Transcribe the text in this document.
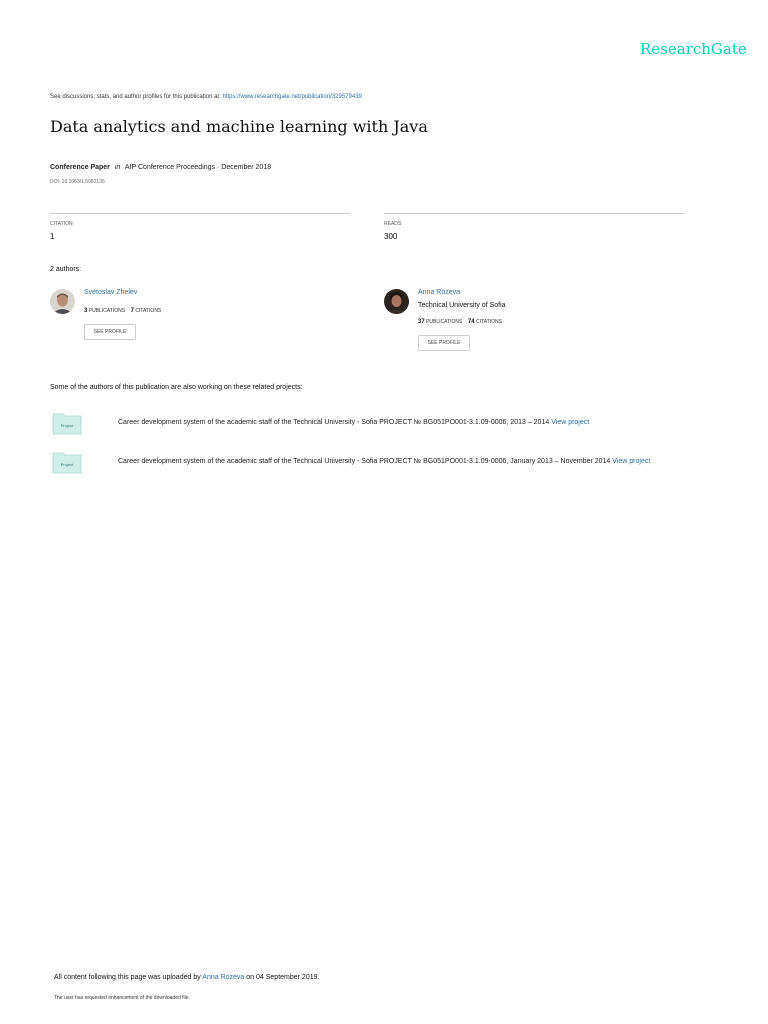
ResearchGate
See discussions, stats, and author profiles for this publication at: https://www.researchgate.net/publication/329579439
Data analytics and machine learning with Java
Conference Paper in AIP Conference Proceedings · December 2018
DOI: 10.1063/1.5082135
CITATION
1
READS
300
2 authors:
Svetoslav Zhelev
3 PUBLICATIONS 7 CITATIONS
SEE PROFILE
Anna Rozeva
Technical University of Sofia
37 PUBLICATIONS 74 CITATIONS
SEE PROFILE
Some of the authors of this publication are also working on these related projects:
Project	Career development system of the academic staff of the Technical University - Sofia PROJECT № BG051PO001-3.1.09-0006, 2013 – 2014 View project
Project	Career development system of the academic staff of the Technical University - Sofia PROJECT № BG051PO001-3.1.09-0006, January 2013 – November 2014 View project
All content following this page was uploaded by Anna Rozeva on 04 September 2019.
The user has requested enhancement of the downloaded file.
